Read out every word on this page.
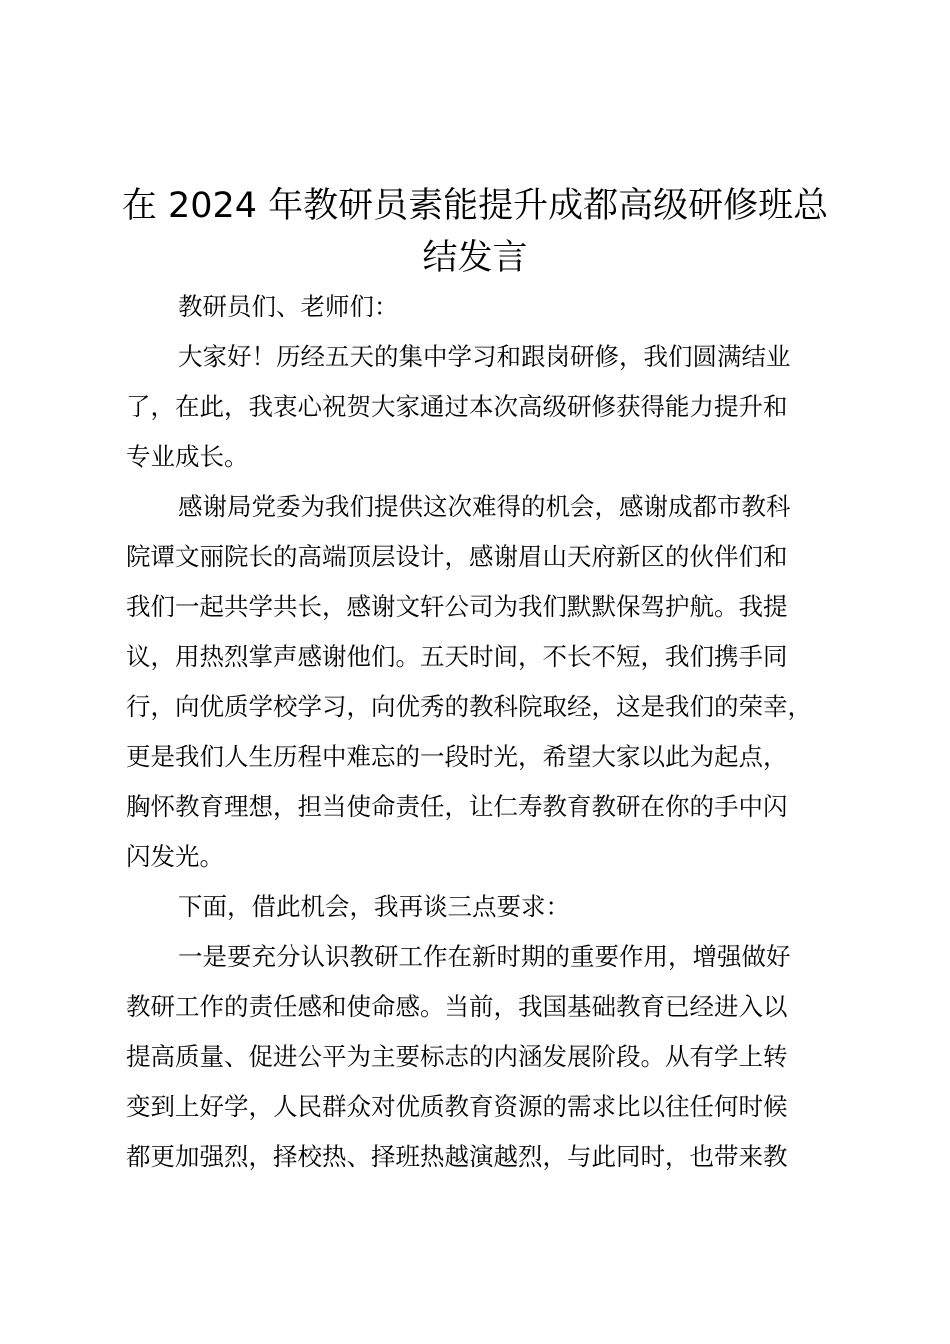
在 2024 年教研员素能提升成都高级研修班总
结发言

教研员们、老师们：

大家好！历经五天的集中学习和跟岗研修，我们圆满结业
了，在此，我衷心祝贺大家通过本次高级研修获得能力提升和
专业成长。

感谢局党委为我们提供这次难得的机会，感谢成都市教科
院谭文丽院长的高端顶层设计，感谢眉山天府新区的伙伴们和
我们一起共学共长，感谢文轩公司为我们默默保驾护航。我提
议，用热烈掌声感谢他们。五天时间，不长不短，我们携手同
行，向优质学校学习，向优秀的教科院取经，这是我们的荣幸，
更是我们人生历程中难忘的一段时光，希望大家以此为起点，
胸怀教育理想，担当使命责任，让仁寿教育教研在你的手中闪
闪发光。

下面，借此机会，我再谈三点要求：

一是要充分认识教研工作在新时期的重要作用，增强做好
教研工作的责任感和使命感。当前，我国基础教育已经进入以
提高质量、促进公平为主要标志的内涵发展阶段。从有学上转
变到上好学，人民群众对优质教育资源的需求比以往任何时候
都更加强烈，择校热、择班热越演越烈，与此同时，也带来教
